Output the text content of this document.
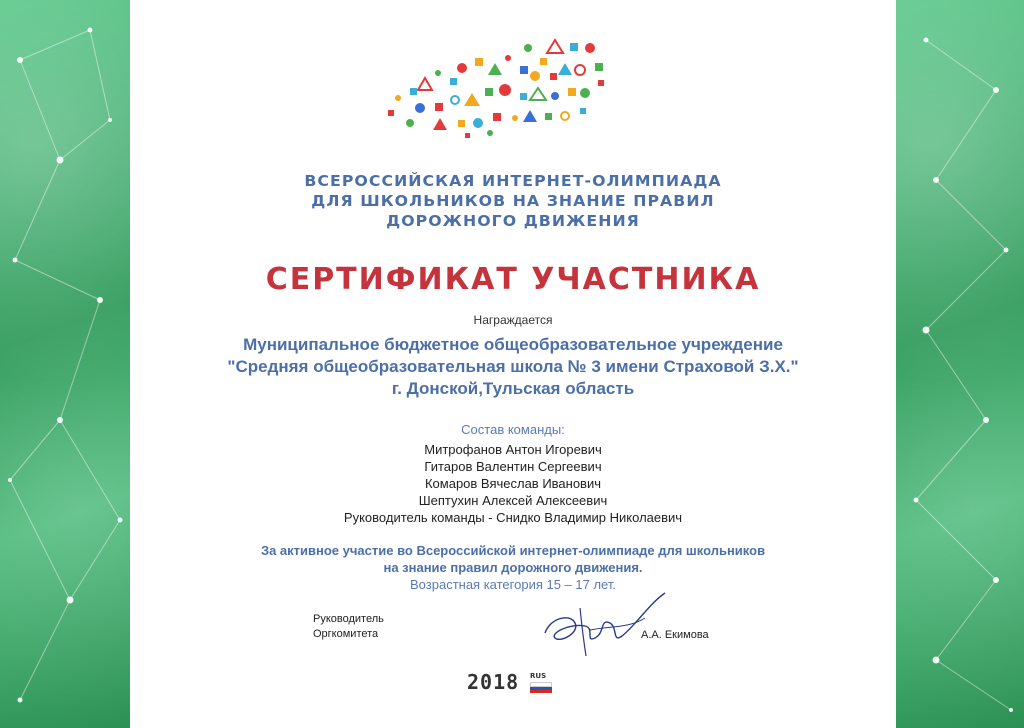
ВСЕРОССИЙСКАЯ ИНТЕРНЕТ-ОЛИМПИАДА
ДЛЯ ШКОЛЬНИКОВ НА ЗНАНИЕ ПРАВИЛ
ДОРОЖНОГО ДВИЖЕНИЯ
СЕРТИФИКАТ УЧАСТНИКА
Награждается
Муниципальное бюджетное общеобразовательное учреждение
"Средняя общеобразовательная школа № 3 имени Страховой З.Х."
г. Донской,Тульская область
Состав команды:
Митрофанов Антон Игоревич
Гитаров Валентин Сергеевич
Комаров Вячеслав Иванович
Шептухин Алексей Алексеевич
Руководитель команды - Снидко Владимир Николаевич
За активное участие во Всероссийской интернет-олимпиаде для школьников
на знание правил дорожного движения.
Возрастная категория 15 – 17 лет.
Руководитель
Оргкомитета	А.А. Екимова
2018 RUS
